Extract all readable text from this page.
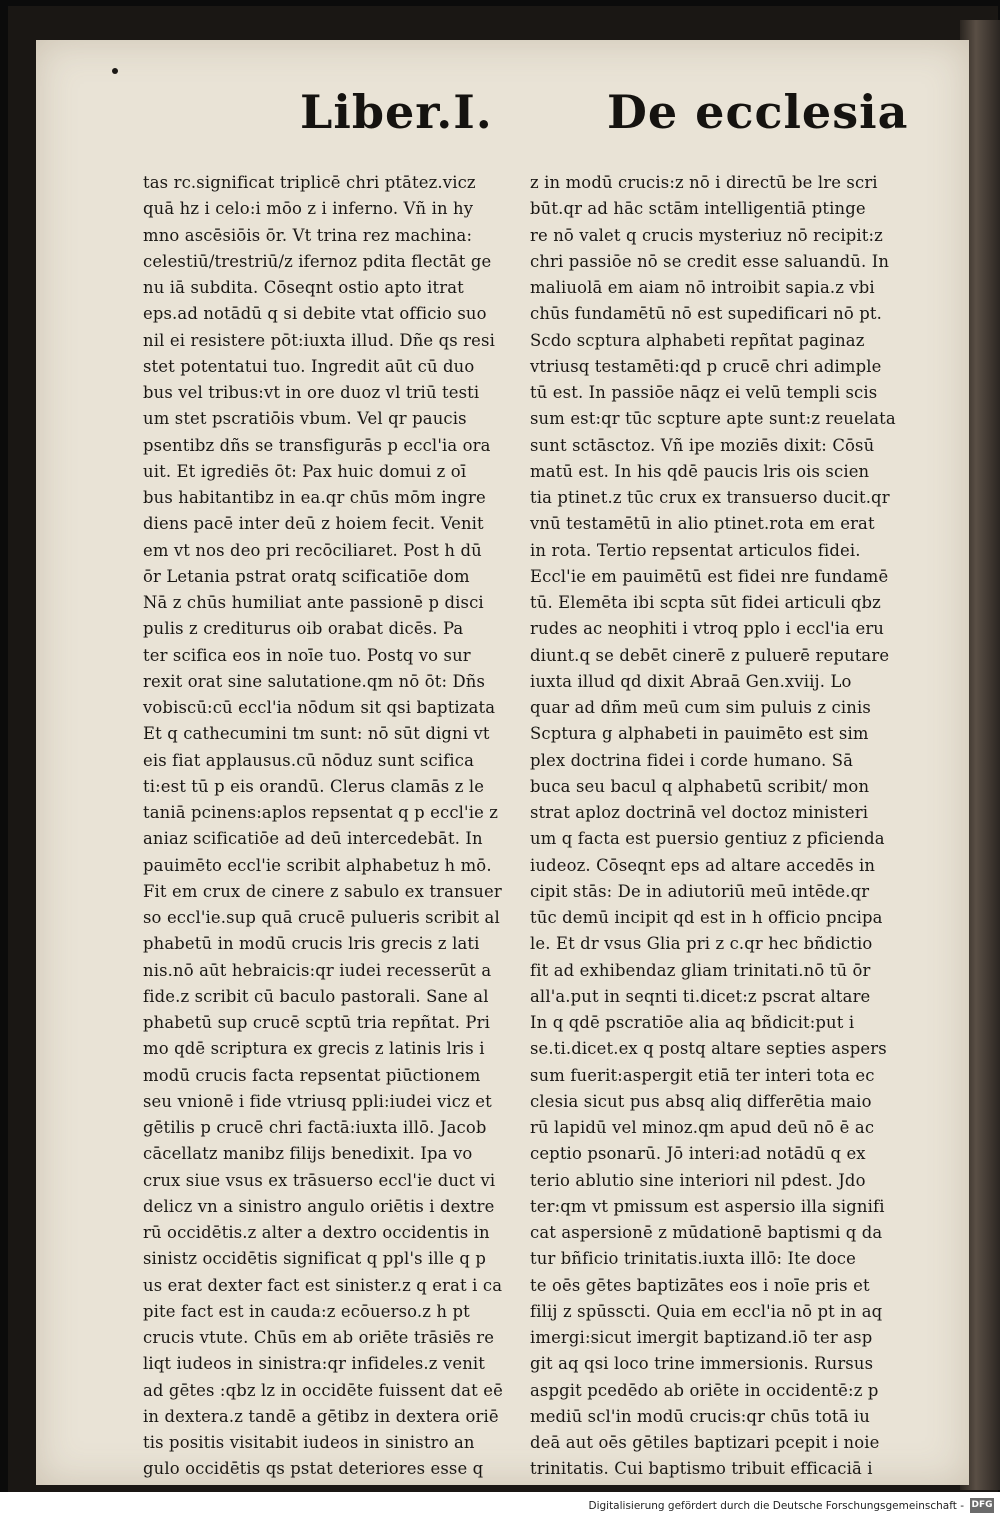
Liber.I. De ecclesia
tas rc.significat triplicē chri ptātez.vicz
quā hz i celo:i mōo z i inferno. Vñ in hy
mno ascēsiōis ōr. Vt trina rez machina:
celestiū/trestriū/z ifernoz pdita flectāt ge
nu iā subdita. Cōseqnt ostio apto itrat
eps.ad notādū q si debite vtat officio suo
nil ei resistere pōt:iuxta illud. Dñe qs resi
stet potentatui tuo. Ingredit aūt cū duo
bus vel tribus:vt in ore duoz vl triū testi
um stet pscratiōis vbum. Vel qr paucis
psentibz dñs se transfigurās p eccl'ia ora
uit. Et igrediēs ōt: Pax huic domui z oī
bus habitantibz in ea.qr chūs mōm ingre
diens pacē inter deū z hoiem fecit. Venit
em vt nos deo pri recōciliaret. Post h dū
ōr Letania pstrat oratq scificatiōe dom
Nā z chūs humiliat ante passionē p disci
pulis z crediturus oib orabat dicēs. Pa
ter scifica eos in noīe tuo. Postq vo sur
rexit orat sine salutatione.qm nō ōt: Dñs
vobiscū:cū eccl'ia nōdum sit qsi baptizata
Et q cathecumini tm sunt: nō sūt digni vt
eis fiat applausus.cū nōduz sunt scifica
ti:est tū p eis orandū. Clerus clamās z le
taniā pcinens:aplos repsentat q p eccl'ie z
aniaz scificatiōe ad deū intercedebāt. In
pauimēto eccl'ie scribit alphabetuz h mō.
Fit em crux de cinere z sabulo ex transuer
so eccl'ie.sup quā crucē pulueris scribit al
phabetū in modū crucis lris grecis z lati
nis.nō aūt hebraicis:qr iudei recesserūt a
fide.z scribit cū baculo pastorali. Sane al
phabetū sup crucē scptū tria repñtat. Pri
mo qdē scriptura ex grecis z latinis lris i
modū crucis facta repsentat piūctionem
seu vnionē i fide vtriusq ppli:iudei vicz et
gētilis p crucē chri factā:iuxta illō. Jacob
cācellatz manibz filijs benedixit. Ipa vo
crux siue vsus ex trāsuerso eccl'ie duct vi
delicz vn a sinistro angulo oriētis i dextre
rū occidētis.z alter a dextro occidentis in
sinistz occidētis significat q ppl's ille q p
us erat dexter fact est sinister.z q erat i ca
pite fact est in cauda:z ecōuerso.z h pt
crucis vtute. Chūs em ab oriēte trāsiēs re
liqt iudeos in sinistra:qr infideles.z venit
ad gētes :qbz lz in occidēte fuissent dat eē
in dextera.z tandē a gētibz in dextera oriē
tis positis visitabit iudeos in sinistro an
gulo occidētis qs pstat deteriores esse q
z in modū crucis:z nō i directū be lre scri
būt.qr ad hāc sctām intelligentiā ptinge
re nō valet q crucis mysteriuz nō recipit:z
chri passiōe nō se credit esse saluandū. In
maliuolā em aiam nō introibit sapia.z vbi
chūs fundamētū nō est supedificari nō pt.
Scdo scptura alphabeti repñtat paginaz
vtriusq testamēti:qd p crucē chri adimple
tū est. In passiōe nāqz ei velū templi scis
sum est:qr tūc scpture apte sunt:z reuelata
sunt sctāsctoz. Vñ ipe moziēs dixit: Cōsū
matū est. In his qdē paucis lris ois scien
tia ptinet.z tūc crux ex transuerso ducit.qr
vnū testamētū in alio ptinet.rota em erat
in rota. Tertio repsentat articulos fidei.
Eccl'ie em pauimētū est fidei nre fundamē
tū. Elemēta ibi scpta sūt fidei articuli qbz
rudes ac neophiti i vtroq pplo i eccl'ia eru
diunt.q se debēt cinerē z puluerē reputare
iuxta illud qd dixit Abraā Gen.xviij. Lo
quar ad dñm meū cum sim puluis z cinis
Scptura g alphabeti in pauimēto est sim
plex doctrina fidei i corde humano. Sā
buca seu bacul q alphabetū scribit/ mon
strat aploz doctrinā vel doctoz ministeri
um q facta est puersio gentiuz z pficienda
iudeoz. Cōseqnt eps ad altare accedēs in
cipit stās: De in adiutoriū meū intēde.qr
tūc demū incipit qd est in h officio pncipa
le. Et dr vsus Glia pri z c.qr hec bñdictio
fit ad exhibendaz gliam trinitati.nō tū ōr
all'a.put in seqnti ti.dicet:z pscrat altare
In q qdē pscratiōe alia aq bñdicit:put i
se.ti.dicet.ex q postq altare septies aspers
sum fuerit:aspergit etiā ter interi tota ec
clesia sicut pus absq aliq differētia maio
rū lapidū vel minoz.qm apud deū nō ē ac
ceptio psonarū. Jō interi:ad notādū q ex
terio ablutio sine interiori nil pdest. Jdo
ter:qm vt pmissum est aspersio illa signifi
cat aspersionē z mūdationē baptismi q da
tur bñficio trinitatis.iuxta illō: Ite doce
te oēs gētes baptizātes eos i noīe pris et
filij z spūsscti. Quia em eccl'ia nō pt in aq
imergi:sicut imergit baptizand.iō ter asp
git aq qsi loco trine immersionis. Rursus
aspgit pcedēdo ab oriēte in occidentē:z p
mediū scl'in modū crucis:qr chūs totā iu
deā aut oēs gētiles baptizari pcepit i noie
trinitatis. Cui baptismo tribuit efficaciā i
Digitalisierung gefördert durch die Deutsche Forschungsgemeinschaft - DFG
